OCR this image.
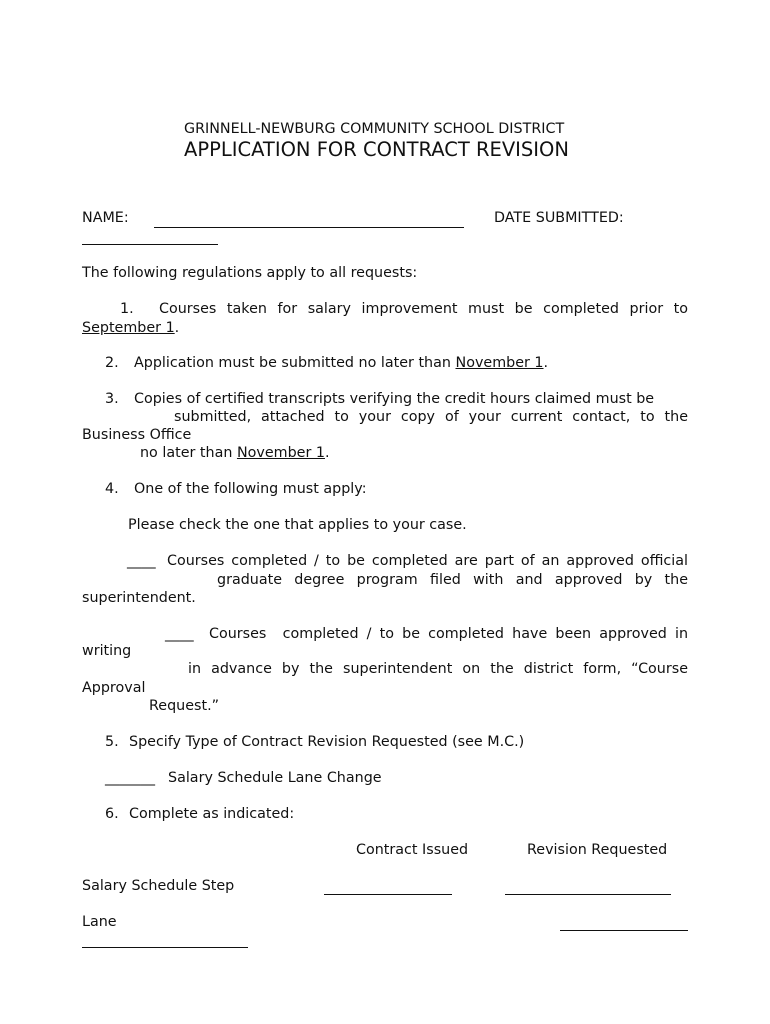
GRINNELL-NEWBURG COMMUNITY SCHOOL DISTRICT
APPLICATION FOR CONTRACT REVISION
NAME:	DATE SUBMITTED:
The following regulations apply to all requests:
1. Courses taken for salary improvement must be completed prior to
September 1.
2. Application must be submitted no later than November 1.
3. Copies of certified transcripts verifying the credit hours claimed must be
submitted, attached to your copy of your current contact, to the
Business Office
no later than November 1.
4. One of the following must apply:
Please check the one that applies to your case.
____ Courses completed / to be completed are part of an approved official
graduate degree program filed with and approved by the
superintendent.
____ Courses  completed / to be completed have been approved in
writing
in advance by the superintendent on the district form, “Course
Approval
Request.”
5. Specify Type of Contract Revision Requested (see M.C.)
_______ Salary Schedule Lane Change
6. Complete as indicated:
Contract Issued	Revision Requested
Salary Schedule Step
Lane
